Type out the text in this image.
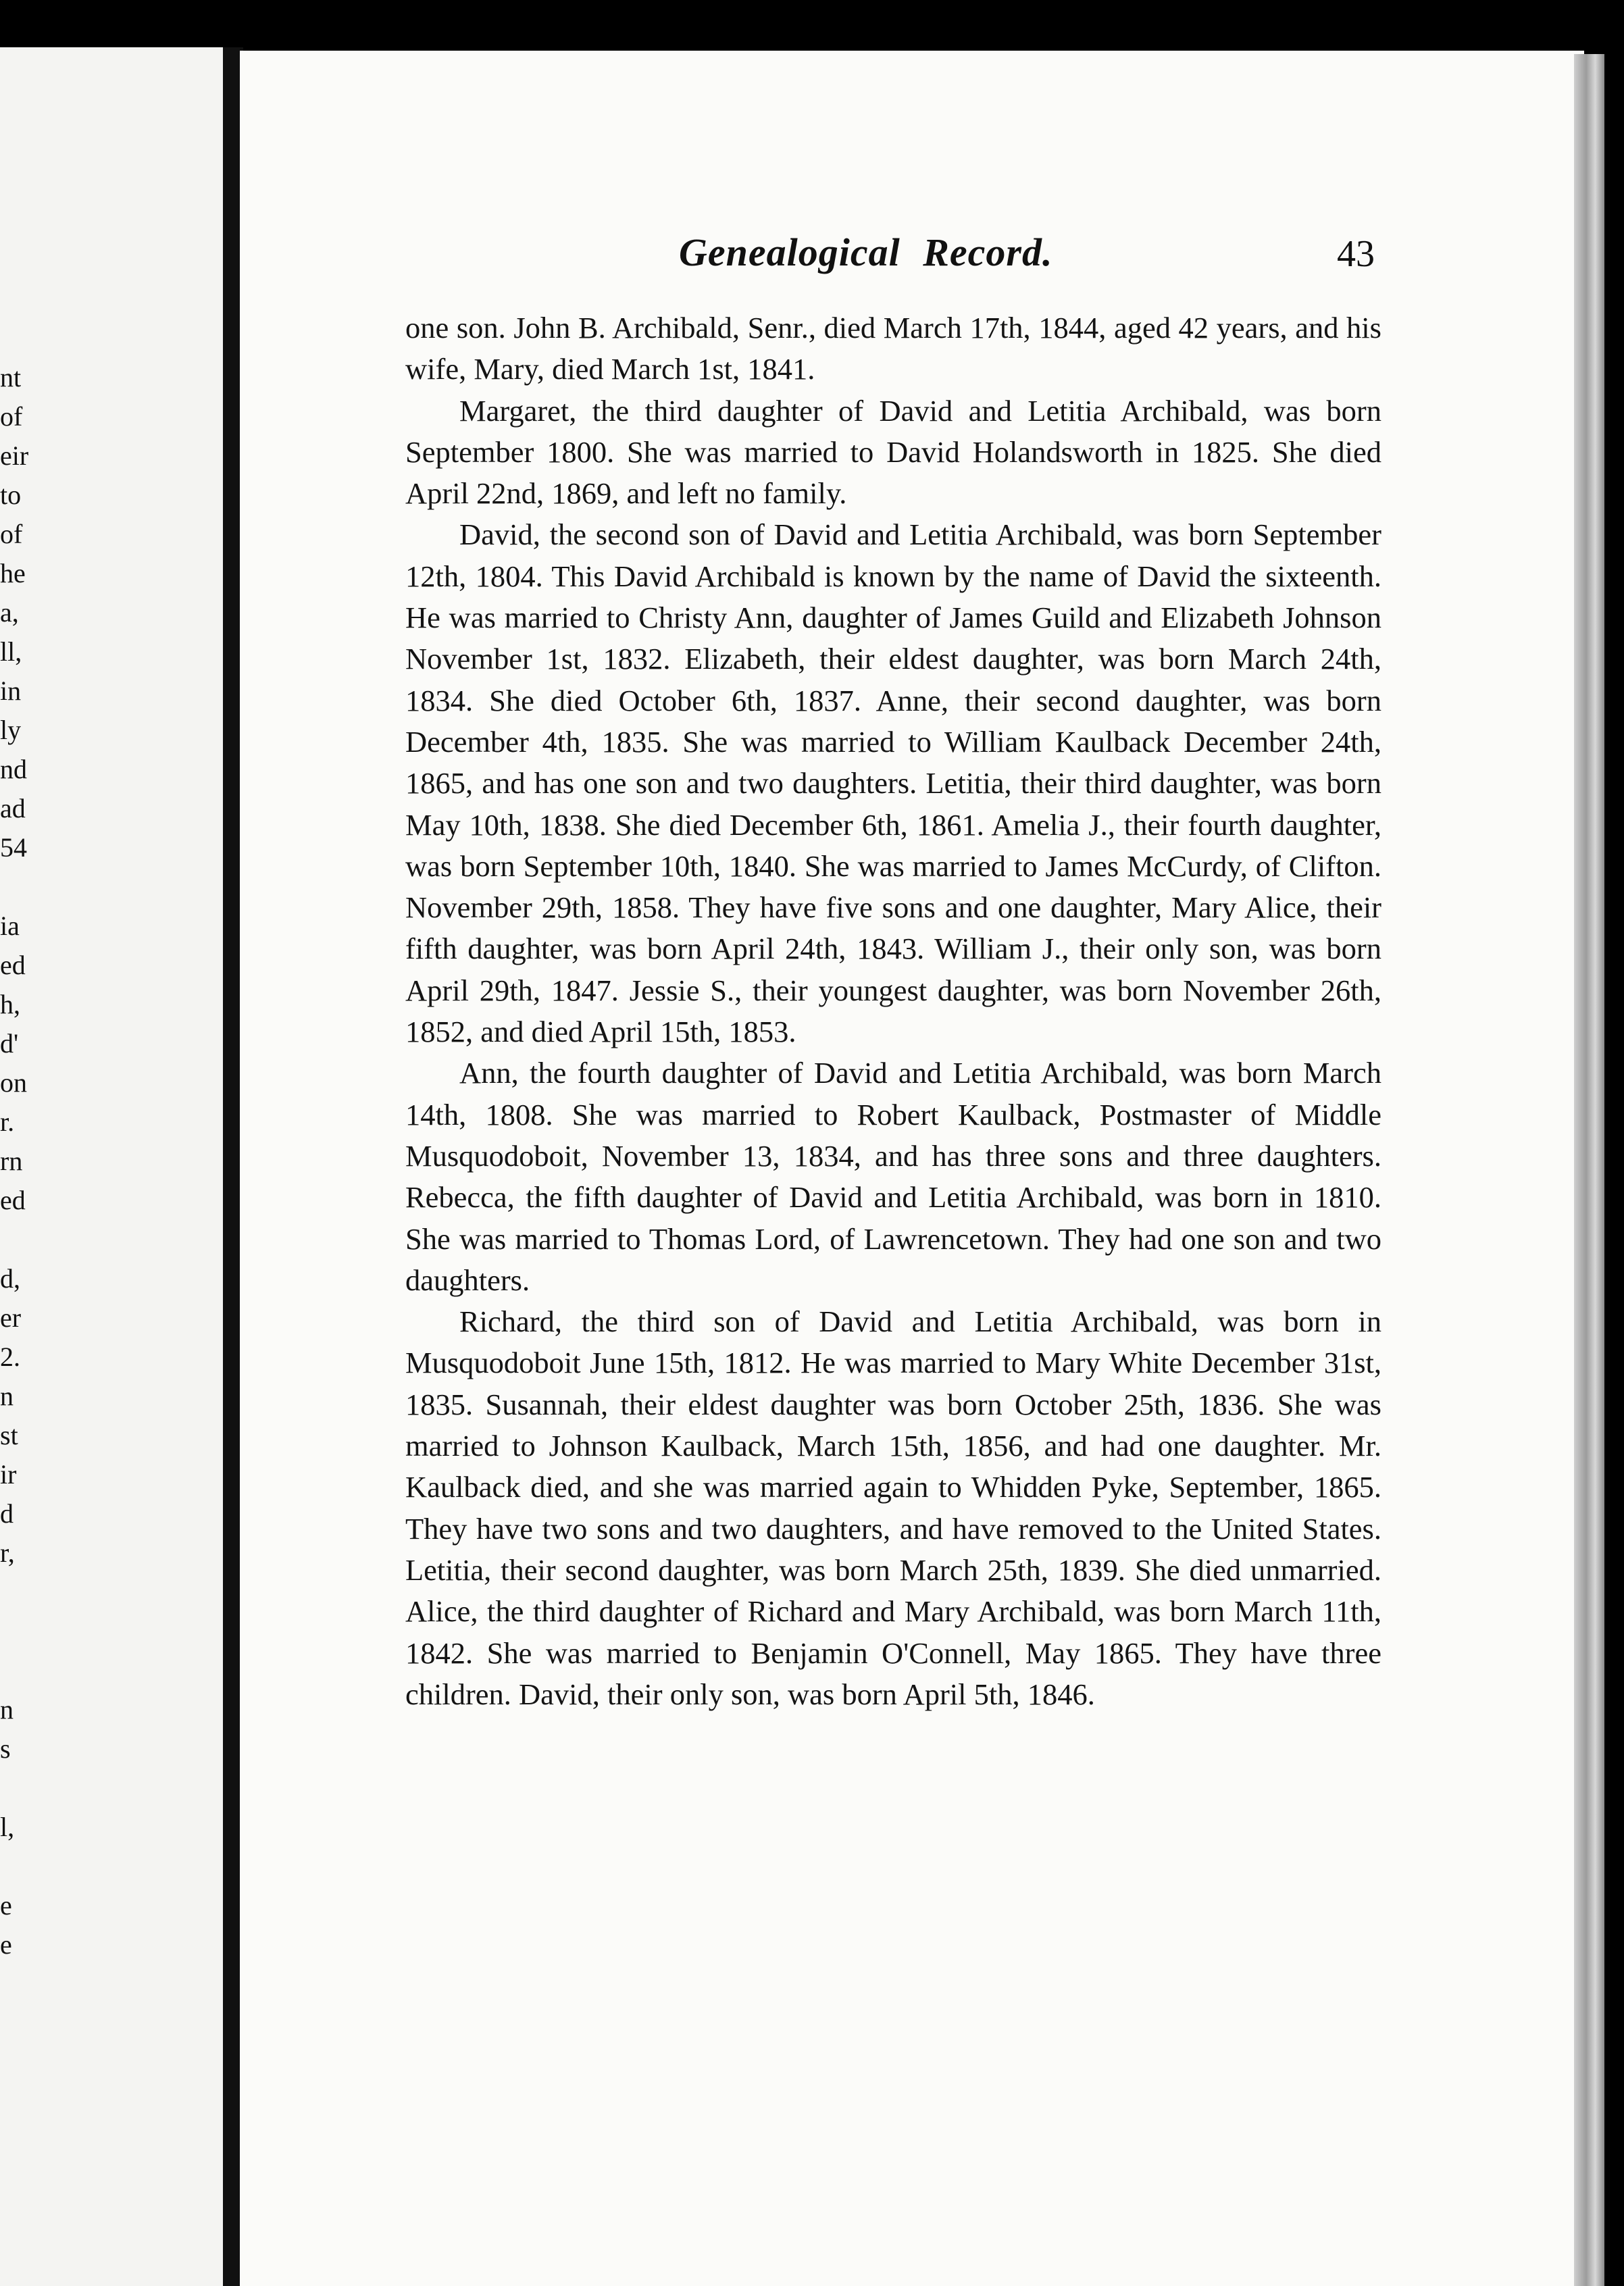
nt
of
eir
to
of
he
a,
ll,
in
ly
nd
ad
54
ia
ed
h,
d'
on
r.
rn
ed
d,
er
2.
n
st
ir
d
r,
n
s
l,
e
e
Genealogical Record.	43

one son. John B. Archibald, Senr., died March 17th, 1844, aged 42 years, and his wife, Mary, died March 1st, 1841.

Margaret, the third daughter of David and Letitia Archibald, was born September 1800. She was married to David Holandsworth in 1825. She died April 22nd, 1869, and left no family.

David, the second son of David and Letitia Archibald, was born September 12th, 1804. This David Archibald is known by the name of David the sixteenth. He was married to Christy Ann, daughter of James Guild and Elizabeth Johnson November 1st, 1832. Elizabeth, their eldest daughter, was born March 24th, 1834. She died October 6th, 1837. Anne, their second daughter, was born December 4th, 1835. She was married to William Kaulback December 24th, 1865, and has one son and two daughters. Letitia, their third daughter, was born May 10th, 1838. She died December 6th, 1861. Amelia J., their fourth daughter, was born September 10th, 1840. She was married to James McCurdy, of Clifton. November 29th, 1858. They have five sons and one daughter, Mary Alice, their fifth daughter, was born April 24th, 1843. William J., their only son, was born April 29th, 1847. Jessie S., their youngest daughter, was born November 26th, 1852, and died April 15th, 1853.

Ann, the fourth daughter of David and Letitia Archibald, was born March 14th, 1808. She was married to Robert Kaulback, Postmaster of Middle Musquodoboit, November 13, 1834, and has three sons and three daughters. Rebecca, the fifth daughter of David and Letitia Archibald, was born in 1810. She was married to Thomas Lord, of Lawrencetown. They had one son and two daughters.

Richard, the third son of David and Letitia Archibald, was born in Musquodoboit June 15th, 1812. He was married to Mary White December 31st, 1835. Susannah, their eldest daughter was born October 25th, 1836. She was married to Johnson Kaulback, March 15th, 1856, and had one daughter. Mr. Kaulback died, and she was married again to Whidden Pyke, September, 1865. They have two sons and two daughters, and have removed to the United States. Letitia, their second daughter, was born March 25th, 1839. She died unmarried. Alice, the third daughter of Richard and Mary Archibald, was born March 11th, 1842. She was married to Benjamin O'Connell, May 1865. They have three children. David, their only son, was born April 5th, 1846.
